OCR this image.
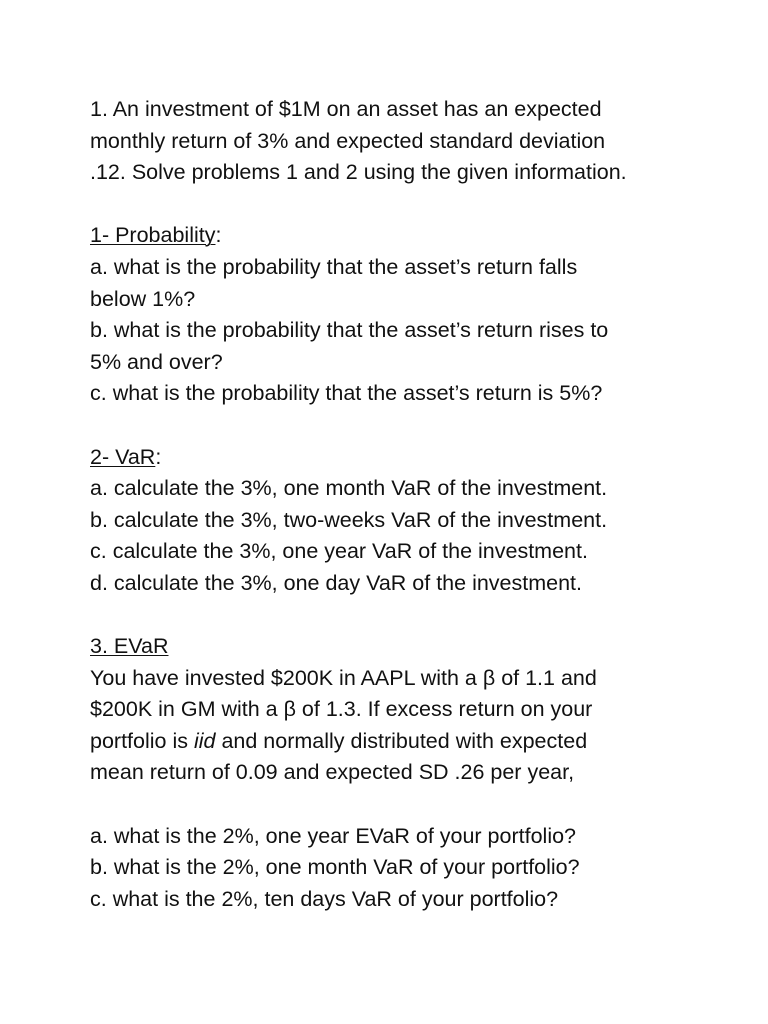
1. An investment of $1M on an asset has an expected
monthly return of 3% and expected standard deviation
.12. Solve problems 1 and 2 using the given information.
1- Probability:
a. what is the probability that the asset’s return falls
below 1%?
b. what is the probability that the asset’s return rises to
5% and over?
c. what is the probability that the asset’s return is 5%?
2- VaR:
a. calculate the 3%, one month VaR of the investment.
b. calculate the 3%, two-weeks VaR of the investment.
c. calculate the 3%, one year VaR of the investment.
d. calculate the 3%, one day VaR of the investment.
3. EVaR
You have invested $200K in AAPL with a β of 1.1 and
$200K in GM with a β of 1.3. If excess return on your
portfolio is iid and normally distributed with expected
mean return of 0.09 and expected SD .26 per year,
a. what is the 2%, one year EVaR of your portfolio?
b. what is the 2%, one month VaR of your portfolio?
c. what is the 2%, ten days VaR of your portfolio?
